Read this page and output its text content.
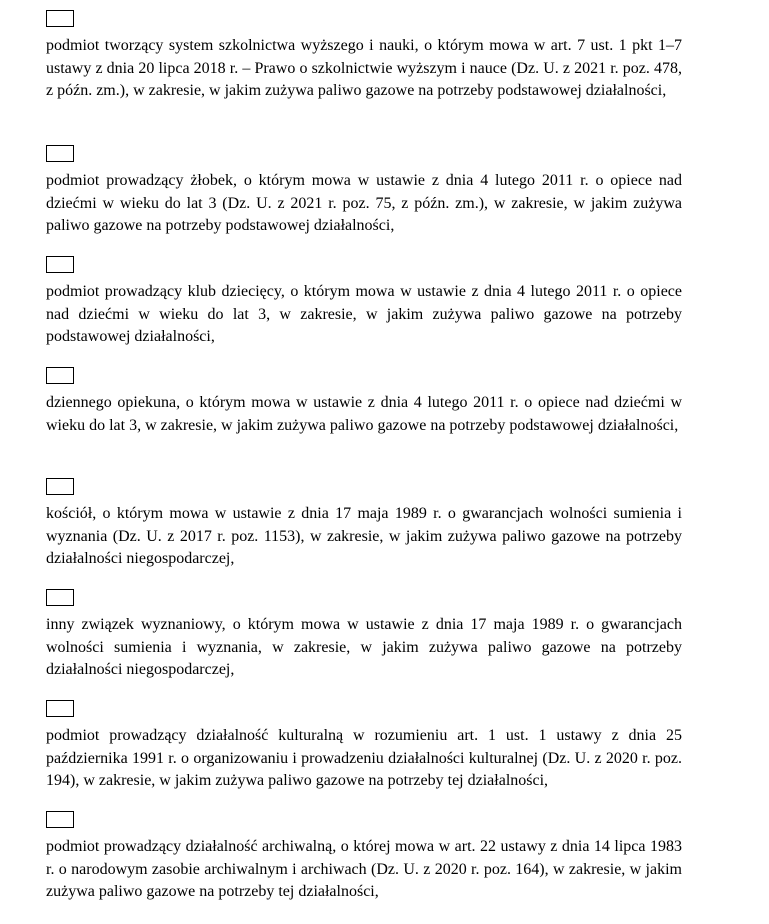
podmiot tworzący system szkolnictwa wyższego i nauki, o którym mowa w art. 7 ust. 1 pkt 1–7 ustawy z dnia 20 lipca 2018 r. – Prawo o szkolnictwie wyższym i nauce (Dz. U. z 2021 r. poz. 478, z późn. zm.), w zakresie, w jakim zużywa paliwo gazowe na potrzeby podstawowej działalności,

podmiot prowadzący żłobek, o którym mowa w ustawie z dnia 4 lutego 2011 r. o opiece nad dziećmi w wieku do lat 3 (Dz. U. z 2021 r. poz. 75, z późn. zm.), w zakresie, w jakim zużywa paliwo gazowe na potrzeby podstawowej działalności,

podmiot prowadzący klub dziecięcy, o którym mowa w ustawie z dnia 4 lutego 2011 r. o opiece nad dziećmi w wieku do lat 3, w zakresie, w jakim zużywa paliwo gazowe na potrzeby podstawowej działalności,

dziennego opiekuna, o którym mowa w ustawie z dnia 4 lutego 2011 r. o opiece nad dziećmi w wieku do lat 3, w zakresie, w jakim zużywa paliwo gazowe na potrzeby podstawowej działalności,

kościół, o którym mowa w ustawie z dnia 17 maja 1989 r. o gwarancjach wolności sumienia i wyznania (Dz. U. z 2017 r. poz. 1153), w zakresie, w jakim zużywa paliwo gazowe na potrzeby działalności niegospodarczej,

inny związek wyznaniowy, o którym mowa w ustawie z dnia 17 maja 1989 r. o gwarancjach wolności sumienia i wyznania, w zakresie, w jakim zużywa paliwo gazowe na potrzeby działalności niegospodarczej,

podmiot prowadzący działalność kulturalną w rozumieniu art. 1 ust. 1 ustawy z dnia 25 października 1991 r. o organizowaniu i prowadzeniu działalności kulturalnej (Dz. U. z 2020 r. poz. 194), w zakresie, w jakim zużywa paliwo gazowe na potrzeby tej działalności,

podmiot prowadzący działalność archiwalną, o której mowa w art. 22 ustawy z dnia 14 lipca 1983 r. o narodowym zasobie archiwalnym i archiwach (Dz. U. z 2020 r. poz. 164), w zakresie, w jakim zużywa paliwo gazowe na potrzeby tej działalności,
